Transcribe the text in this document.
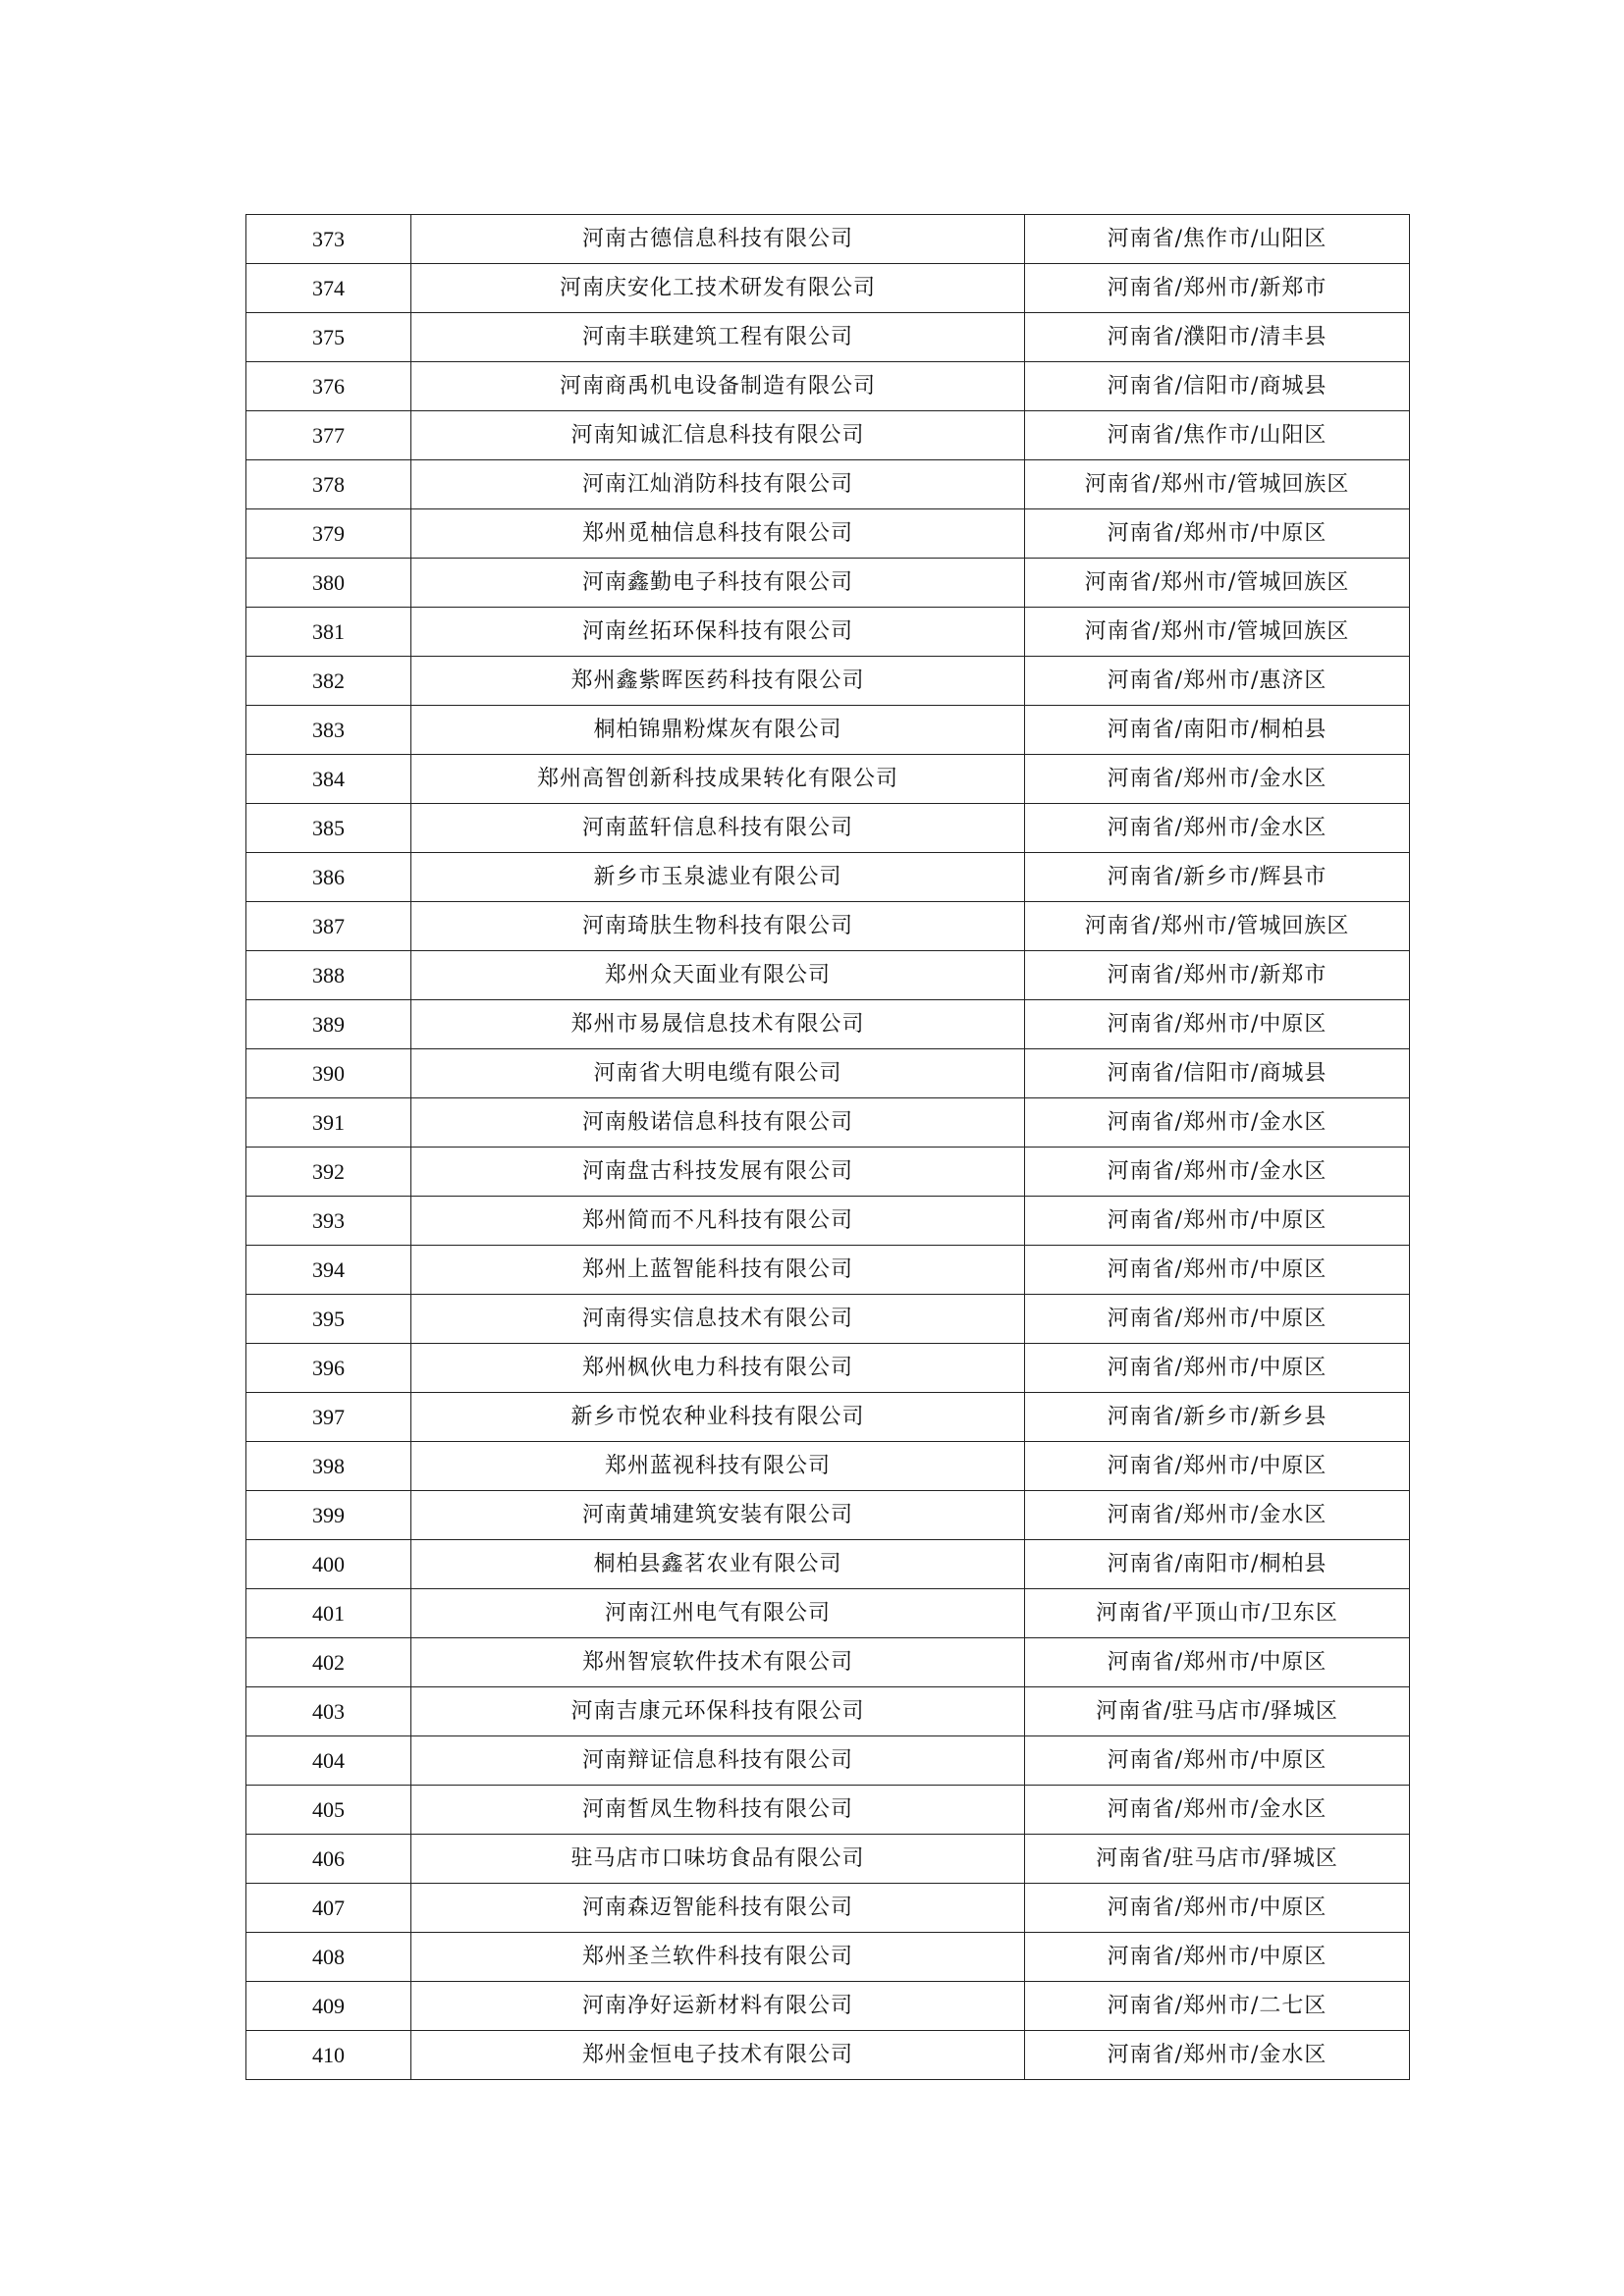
373	河南古德信息科技有限公司	河南省/焦作市/山阳区
374	河南庆安化工技术研发有限公司	河南省/郑州市/新郑市
375	河南丰联建筑工程有限公司	河南省/濮阳市/清丰县
376	河南商禹机电设备制造有限公司	河南省/信阳市/商城县
377	河南知诚汇信息科技有限公司	河南省/焦作市/山阳区
378	河南江灿消防科技有限公司	河南省/郑州市/管城回族区
379	郑州觅柚信息科技有限公司	河南省/郑州市/中原区
380	河南鑫勤电子科技有限公司	河南省/郑州市/管城回族区
381	河南丝拓环保科技有限公司	河南省/郑州市/管城回族区
382	郑州鑫紫晖医药科技有限公司	河南省/郑州市/惠济区
383	桐柏锦鼎粉煤灰有限公司	河南省/南阳市/桐柏县
384	郑州高智创新科技成果转化有限公司	河南省/郑州市/金水区
385	河南蓝轩信息科技有限公司	河南省/郑州市/金水区
386	新乡市玉泉滤业有限公司	河南省/新乡市/辉县市
387	河南琦肤生物科技有限公司	河南省/郑州市/管城回族区
388	郑州众天面业有限公司	河南省/郑州市/新郑市
389	郑州市易晟信息技术有限公司	河南省/郑州市/中原区
390	河南省大明电缆有限公司	河南省/信阳市/商城县
391	河南般诺信息科技有限公司	河南省/郑州市/金水区
392	河南盘古科技发展有限公司	河南省/郑州市/金水区
393	郑州简而不凡科技有限公司	河南省/郑州市/中原区
394	郑州上蓝智能科技有限公司	河南省/郑州市/中原区
395	河南得实信息技术有限公司	河南省/郑州市/中原区
396	郑州枫伙电力科技有限公司	河南省/郑州市/中原区
397	新乡市悦农种业科技有限公司	河南省/新乡市/新乡县
398	郑州蓝视科技有限公司	河南省/郑州市/中原区
399	河南黄埔建筑安装有限公司	河南省/郑州市/金水区
400	桐柏县鑫茗农业有限公司	河南省/南阳市/桐柏县
401	河南江州电气有限公司	河南省/平顶山市/卫东区
402	郑州智宸软件技术有限公司	河南省/郑州市/中原区
403	河南吉康元环保科技有限公司	河南省/驻马店市/驿城区
404	河南辩证信息科技有限公司	河南省/郑州市/中原区
405	河南皙凤生物科技有限公司	河南省/郑州市/金水区
406	驻马店市口味坊食品有限公司	河南省/驻马店市/驿城区
407	河南森迈智能科技有限公司	河南省/郑州市/中原区
408	郑州圣兰软件科技有限公司	河南省/郑州市/中原区
409	河南净好运新材料有限公司	河南省/郑州市/二七区
410	郑州金恒电子技术有限公司	河南省/郑州市/金水区
